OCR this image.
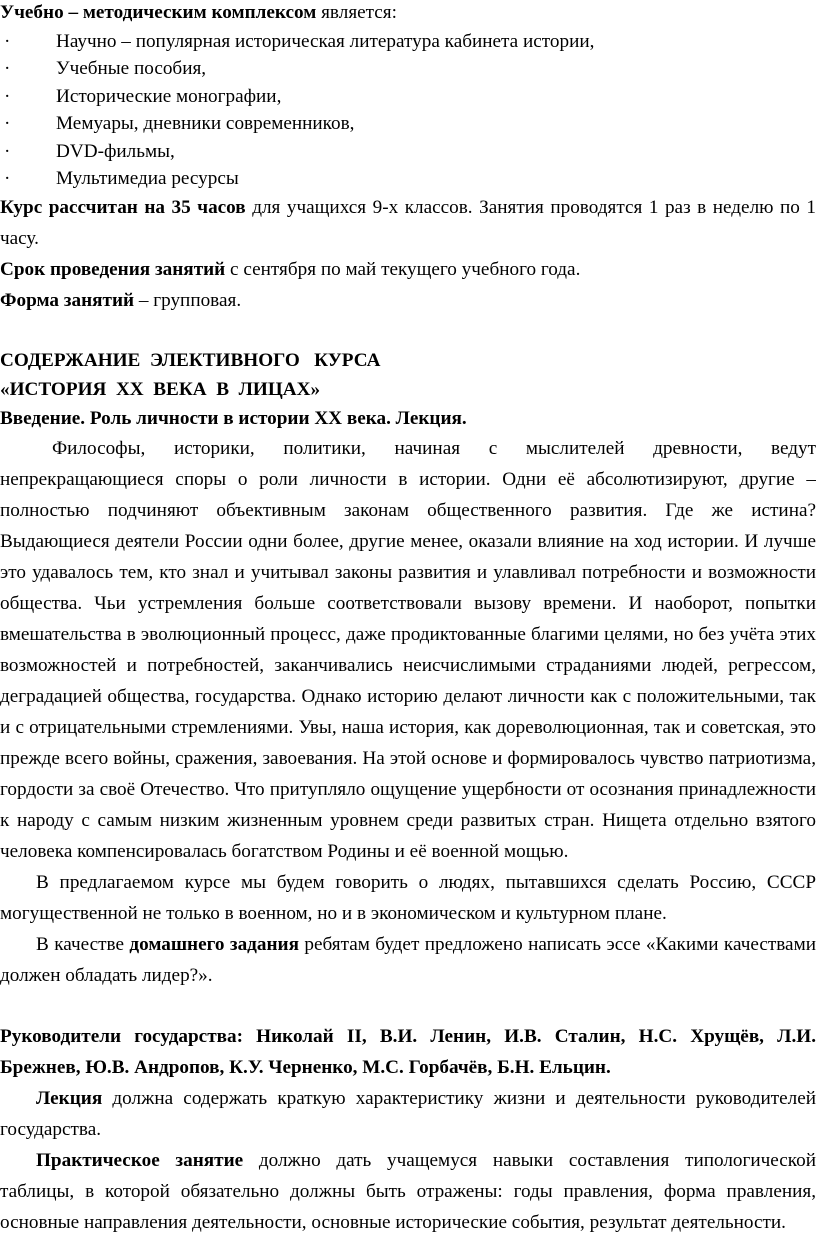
Учебно – методическим комплексом является:

·	Научно – популярная историческая литература кабинета истории,
·	Учебные пособия,
·	Исторические монографии,
·	Мемуары, дневники современников,
·	DVD-фильмы,
·	Мультимедиа ресурсы

Курс рассчитан на 35 часов для учащихся 9-х классов. Занятия проводятся 1 раз в неделю по 1 часу.

Срок проведения занятий с сентября по май текущего учебного года.

Форма занятий – групповая.

СОДЕРЖАНИЕ  ЭЛЕКТИВНОГО   КУРСА

«ИСТОРИЯ  ХХ  ВЕКА  В  ЛИЦАХ»

Введение. Роль личности в истории ХХ века. Лекция.

Философы, историки, политики, начиная с мыслителей древности, ведут непрекращающиеся споры о роли личности в истории. Одни её абсолютизируют, другие – полностью подчиняют объективным законам общественного развития. Где же истина? Выдающиеся деятели России одни более, другие менее, оказали влияние на ход истории. И лучше это удавалось тем, кто знал и учитывал законы развития и улавливал потребности и возможности общества. Чьи устремления больше соответствовали вызову времени. И наоборот, попытки вмешательства в эволюционный процесс, даже продиктованные благими целями, но без учёта этих возможностей и потребностей, заканчивались неисчислимыми страданиями людей, регрессом, деградацией общества, государства. Однако историю делают личности как с положительными, так и с отрицательными стремлениями. Увы, наша история, как дореволюционная, так и советская, это прежде всего войны, сражения, завоевания. На этой основе и формировалось чувство патриотизма, гордости за своё Отечество. Что притупляло ощущение ущербности от осознания принадлежности к народу с самым низким жизненным уровнем среди развитых стран. Нищета отдельно взятого человека компенсировалась богатством Родины и её военной мощью.

В предлагаемом курсе мы будем говорить о людях, пытавшихся сделать Россию, СССР могущественной не только в военном, но и в экономическом и культурном плане.

В качестве домашнего задания ребятам будет предложено написать эссе «Какими качествами должен обладать лидер?».

Руководители государства: Николай II, В.И. Ленин, И.В. Сталин, Н.С. Хрущёв, Л.И. Брежнев, Ю.В. Андропов, К.У. Черненко, М.С. Горбачёв, Б.Н. Ельцин.

Лекция должна содержать краткую характеристику жизни и деятельности руководителей государства.

Практическое занятие должно дать учащемуся навыки составления типологической таблицы, в которой обязательно должны быть отражены: годы правления, форма правления, основные направления деятельности, основные исторические события, результат деятельности.
